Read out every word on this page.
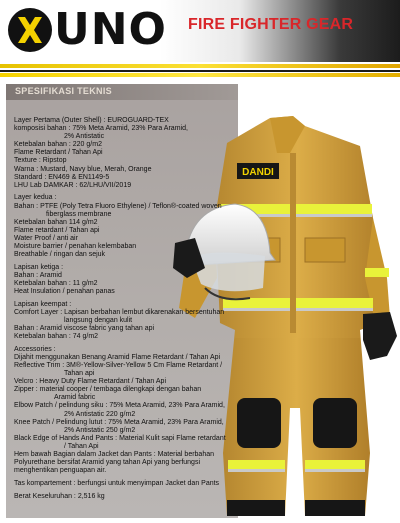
UNO FIRE FIGHTER GEAR
SPESIFIKASI TEKNIS
DANDI
Layer Pertama (Outer Shell) : EUROGUARD-TEX
komposisi bahan : 75% Meta Aramid, 23% Para Aramid,
2% Antistatic
Ketebalan bahan : 220 g/m2
Flame Retardant / Tahan Api
Texture : Ripstop
Warna : Mustard, Navy blue, Merah, Orange
Standard : EN469 & EN1149-5
LHU Lab DAMKAR : 62/LHU/VII/2019
Layer kedua :
Bahan : PTFE (Poly Tetra Fluoro Ethylene) / Teflon®-coated woven
fiberglass membrane
Ketebalan bahan 114 g/m2
Flame retardant / Tahan api
Water Proof / anti air
Moisture barrier / penahan kelembaban
Breathable / ringan dan sejuk
Lapisan ketiga :
Bahan : Aramid
Ketebalan bahan : 11 g/m2
Heat Insulation / penahan panas
Lapisan keempat :
Comfort Layer : Lapisan berbahan lembut dikarenakan bersentuhan
langsung dengan kulit
Bahan : Aramid viscose fabric yang tahan api
Ketebalan bahan : 74 g/m2
Accessories :
Dijahit menggunakan Benang Aramid Flame Retardant / Tahan Api
Reflective Trim : 3M®-Yellow-Silver-Yellow 5 Cm Flame Retardant /
Tahan api
Velcro : Heavy Duty Flame Retardant / Tahan Api
Zipper : material cooper / tembaga dilengkapi dengan bahan
Aramid fabric
Elbow Patch / pelindung siku : 75% Meta Aramid, 23% Para Aramid,
2% Antistatic 220 g/m2
Knee Patch / Pelindung lutut : 75% Meta Aramid, 23% Para Aramid,
2% Antistatic 250 g/m2
Black Edge of Hands And Pants : Material Kulit sapi Flame retardant
/ Tahan Api
Hem bawah Bagian dalam Jacket dan Pants : Material berbahan
Polyurethane bersifat Aramid yang tahan Api yang berfungsi
menghentikan penguapan air.
Tas kompartement : berfungsi untuk menyimpan Jacket dan Pants
Berat Keseluruhan : 2,516 kg
